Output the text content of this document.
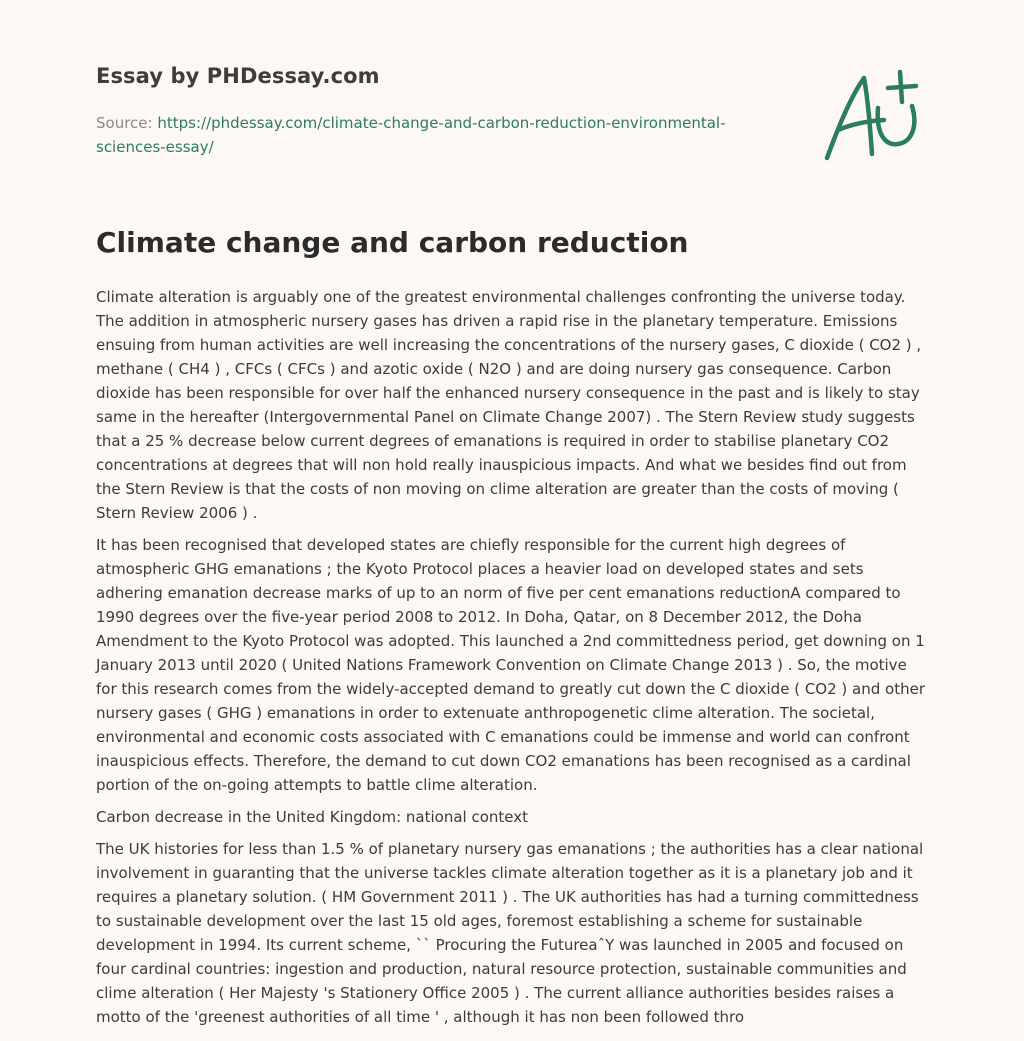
Essay by PHDessay.com
Source: https://phdessay.com/climate-change-and-carbon-reduction-environmental-sciences-essay/
Climate change and carbon reduction

Climate alteration is arguably one of the greatest environmental challenges confronting the universe today. The addition in atmospheric nursery gases has driven a rapid rise in the planetary temperature. Emissions ensuing from human activities are well increasing the concentrations of the nursery gases, C dioxide ( CO2 ) , methane ( CH4 ) , CFCs ( CFCs ) and azotic oxide ( N2O ) and are doing nursery gas consequence. Carbon dioxide has been responsible for over half the enhanced nursery consequence in the past and is likely to stay same in the hereafter (Intergovernmental Panel on Climate Change 2007) . The Stern Review study suggests that a 25 % decrease below current degrees of emanations is required in order to stabilise planetary CO2 concentrations at degrees that will non hold really inauspicious impacts. And what we besides find out from the Stern Review is that the costs of non moving on clime alteration are greater than the costs of moving ( Stern Review 2006 ) .

It has been recognised that developed states are chiefly responsible for the current high degrees of atmospheric GHG emanations ; the Kyoto Protocol places a heavier load on developed states and sets adhering emanation decrease marks of up to an norm of five per cent emanations reductionA compared to 1990 degrees over the five-year period 2008 to 2012. In Doha, Qatar, on 8 December 2012, the Doha Amendment to the Kyoto Protocol was adopted. This launched a 2nd committedness period, get downing on 1 January 2013 until 2020 ( United Nations Framework Convention on Climate Change 2013 ) . So, the motive for this research comes from the widely-accepted demand to greatly cut down the C dioxide ( CO2 ) and other nursery gases ( GHG ) emanations in order to extenuate anthropogenetic clime alteration. The societal, environmental and economic costs associated with C emanations could be immense and world can confront inauspicious effects. Therefore, the demand to cut down CO2 emanations has been recognised as a cardinal portion of the on-going attempts to battle clime alteration.

Carbon decrease in the United Kingdom: national context

The UK histories for less than 1.5 % of planetary nursery gas emanations ; the authorities has a clear national involvement in guaranting that the universe tackles climate alteration together as it is a planetary job and it requires a planetary solution. ( HM Government 2011 ) . The UK authorities has had a turning committedness to sustainable development over the last 15 old ages, foremost establishing a scheme for sustainable development in 1994. Its current scheme, `` Procuring the FutureaˆY was launched in 2005 and focused on four cardinal countries: ingestion and production, natural resource protection, sustainable communities and clime alteration ( Her Majesty 's Stationery Office 2005 ) . The current alliance authorities besides raises a motto of the 'greenest authorities of all time ' , although it has non been followed thro
